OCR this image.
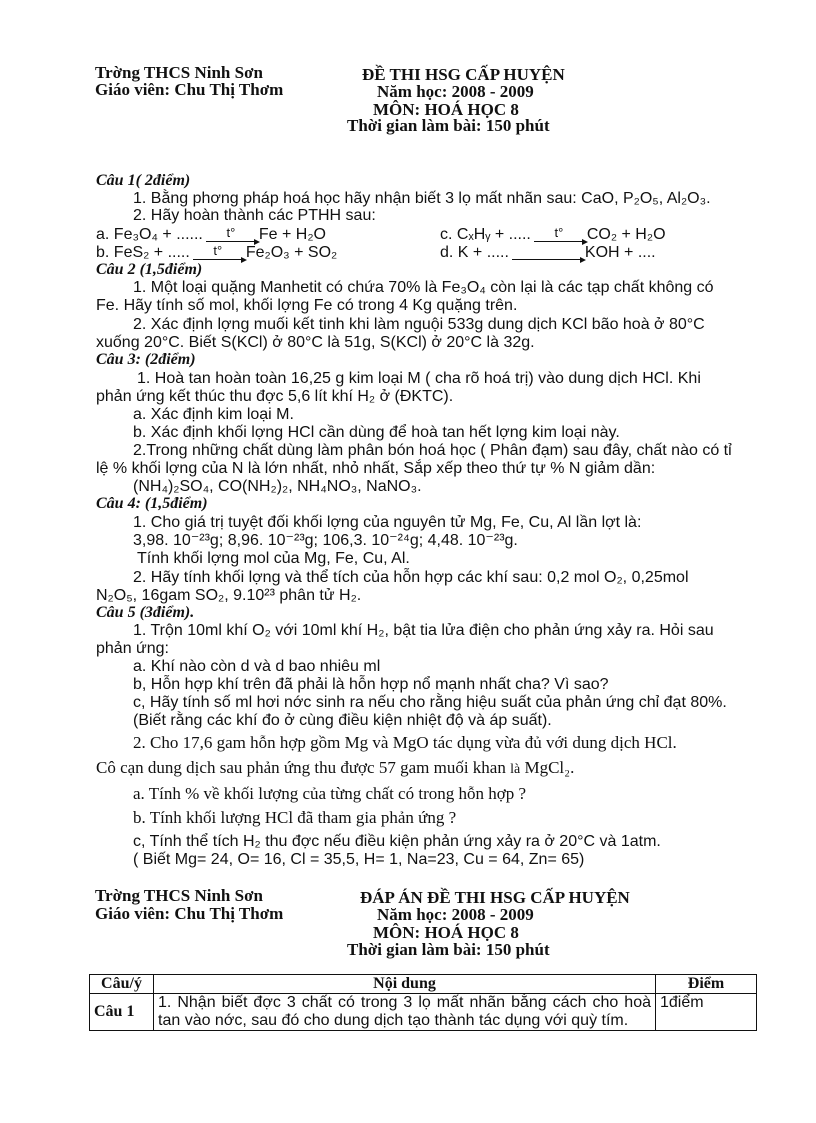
Trờng THCS Ninh Sơn
Giáo viên: Chu Thị Thơm
ĐỀ THI HSG CẤP HUYỆN
Năm học: 2008 - 2009
MÔN: HOÁ HỌC 8
Thời gian làm bài: 150 phút
Câu 1( 2điểm)
1. Bằng phơng pháp hoá học hãy nhận biết 3 lọ mất nhãn sau: CaO, P₂O₅, Al₂O₃.
2. Hãy hoàn thành các PTHH sau:
a. Fe₃O₄ + ...... t° Fe + H₂O	c. CₓHᵧ + ..... t° CO₂ + H₂O
b. FeS₂ + ..... t° Fe₂O₃ + SO₂	d. K + .....	KOH + ....
Câu 2 (1,5điểm)
1. Một loại quặng Manhetit có chứa 70% là Fe₃O₄ còn lại là các tạp chất không có
Fe. Hãy tính số mol, khối lợng Fe có trong 4 Kg quặng trên.
2. Xác định lợng muối kết tinh khi làm nguội 533g dung dịch KCl bão hoà ở 80°C
xuống 20°C. Biết S(KCl) ở 80°C là 51g, S(KCl) ở 20°C là 32g.
Câu 3: (2điểm)
1. Hoà tan hoàn toàn 16,25 g kim loại M ( cha rõ hoá trị) vào dung dịch HCl. Khi
phản ứng kết thúc thu đợc 5,6 lít khí H₂ ở (ĐKTC).
a. Xác định kim loại M.
b. Xác định khối lợng HCl cần dùng để hoà tan hết lợng kim loại này.
2.Trong những chất dùng làm phân bón hoá học ( Phân đạm) sau đây, chất nào có tỉ
lệ % khối lợng của N là lớn nhất, nhỏ nhất, Sắp xếp theo thứ tự % N giảm dần:
(NH₄)₂SO₄, CO(NH₂)₂, NH₄NO₃, NaNO₃.
Câu 4: (1,5điểm)
1. Cho giá trị tuyệt đối khối lợng của nguyên tử Mg, Fe, Cu, Al lần lợt là:
3,98. 10⁻²³g; 8,96. 10⁻²³g; 106,3. 10⁻²⁴g; 4,48. 10⁻²³g.
Tính khối lợng mol của Mg, Fe, Cu, Al.
2. Hãy tính khối lợng và thể tích của hỗn hợp các khí sau: 0,2 mol O₂, 0,25mol
N₂O₅, 16gam SO₂, 9.10²³ phân tử H₂.
Câu 5 (3điểm).
1. Trộn 10ml khí O₂ với 10ml khí H₂, bật tia lửa điện cho phản ứng xảy ra. Hỏi sau
phản ứng:
a. Khí nào còn d và d bao nhiêu ml
b, Hỗn hợp khí trên đã phải là hỗn hợp nổ mạnh nhất cha? Vì sao?
c, Hãy tính số ml hơi nớc sinh ra nếu cho rằng hiệu suất của phản ứng chỉ đạt 80%.
(Biết rằng các khí đo ở cùng điều kiện nhiệt độ và áp suất).
2. Cho 17,6 gam hỗn hợp gồm Mg và MgO tác dụng vừa đủ với dung dịch HCl.
Cô cạn dung dịch sau phản ứng thu được 57 gam muối khan là MgCl₂.
a. Tính % về khối lượng của từng chất có trong hỗn hợp ?
b. Tính khối lượng HCl đã tham gia phản ứng ?
c, Tính thể tích H₂ thu đợc nếu điều kiện phản ứng xảy ra ở 20°C và 1atm.
( Biết Mg= 24, O= 16, Cl = 35,5, H= 1, Na=23, Cu = 64, Zn= 65)
Trờng THCS Ninh Sơn
Giáo viên: Chu Thị Thơm
ĐÁP ÁN ĐỀ THI HSG CẤP HUYỆN
Năm học: 2008 - 2009
MÔN: HOÁ HỌC 8
Thời gian làm bài: 150 phút
Câu/ý	Nội dung	Điểm
Câu 1	1. Nhận biết đợc 3 chất có trong 3 lọ mất nhãn bằng cách cho hoà tan vào nớc, sau đó cho dung dịch tạo thành tác dụng với quỳ tím.	1điểm
